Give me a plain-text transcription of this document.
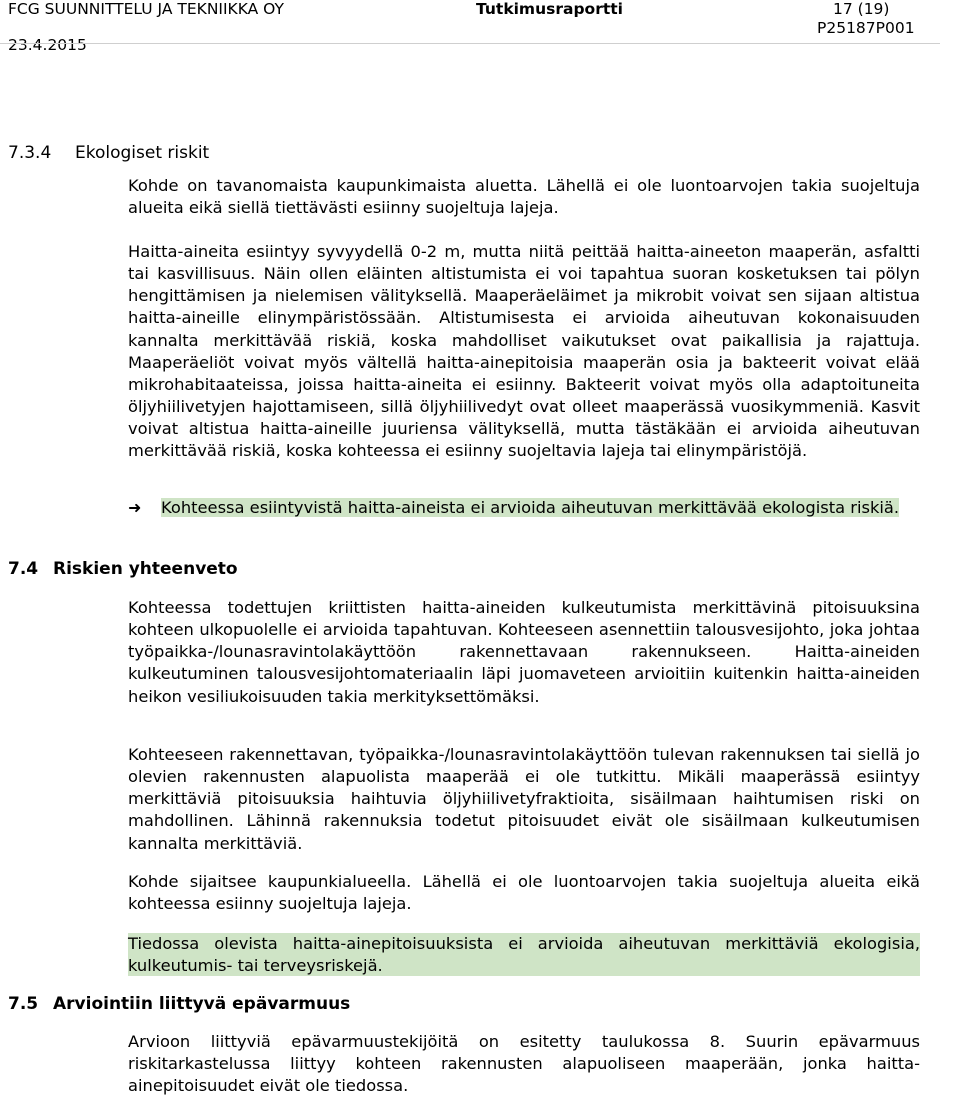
FCG SUUNNITTELU JA TEKNIIKKA OY	Tutkimusraportti	17 (19)
23.4.2015
P25187P001
7.3.4 Ekologiset riskit

Kohde on tavanomaista kaupunkimaista aluetta. Lähellä ei ole luontoarvojen takia suojeltuja alueita eikä siellä tiettävästi esiinny suojeltuja lajeja.

Haitta-aineita esiintyy syvyydellä 0-2 m, mutta niitä peittää haitta-aineeton maaperän, asfaltti tai kasvillisuus. Näin ollen eläinten altistumista ei voi tapahtua suoran kosketuksen tai pölyn hengittämisen ja nielemisen välityksellä. Maaperäeläimet ja mikrobit voivat sen sijaan altistua haitta-aineille elinympäristössään. Altistumisesta ei arvioida aiheutuvan kokonaisuuden kannalta merkittävää riskiä, koska mahdolliset vaikutukset ovat paikallisia ja rajattuja. Maaperäeliöt voivat myös vältellä haitta-ainepitoisia maaperän osia ja bakteerit voivat elää mikrohabitaateissa, joissa haitta-aineita ei esiinny. Bakteerit voivat myös olla adaptoituneita öljyhiilivetyjen hajottamiseen, sillä öljyhiilivedyt ovat olleet maaperässä vuosikymmeniä. Kasvit voivat altistua haitta-aineille juuriensa välityksellä, mutta tästäkään ei arvioida aiheutuvan merkittävää riskiä, koska kohteessa ei esiinny suojeltavia lajeja tai elinympäristöjä.

➜ Kohteessa esiintyvistä haitta-aineista ei arvioida aiheutuvan merkittävää ekologista riskiä.

7.4 Riskien yhteenveto

Kohteessa todettujen kriittisten haitta-aineiden kulkeutumista merkittävinä pitoisuuksina kohteen ulkopuolelle ei arvioida tapahtuvan. Kohteeseen asennettiin talousvesijohto, joka johtaa työpaikka-/lounasravintolakäyttöön rakennettavaan rakennukseen. Haitta-aineiden kulkeutuminen talousvesijohtomateriaalin läpi juomaveteen arvioitiin kuitenkin haitta-aineiden heikon vesiliukoisuuden takia merkityksettömäksi.

Kohteeseen rakennettavan, työpaikka-/lounasravintolakäyttöön tulevan rakennuksen tai siellä jo olevien rakennusten alapuolista maaperää ei ole tutkittu. Mikäli maaperässä esiintyy merkittäviä pitoisuuksia haihtuvia öljyhiilivetyfraktioita, sisäilmaan haihtumisen riski on mahdollinen. Lähinnä rakennuksia todetut pitoisuudet eivät ole sisäilmaan kulkeutumisen kannalta merkittäviä.

Kohde sijaitsee kaupunkialueella. Lähellä ei ole luontoarvojen takia suojeltuja alueita eikä kohteessa esiinny suojeltuja lajeja.

Tiedossa olevista haitta-ainepitoisuuksista ei arvioida aiheutuvan merkittäviä ekologisia, kulkeutumis- tai terveysriskejä.

7.5 Arviointiin liittyvä epävarmuus

Arvioon liittyviä epävarmuustekijöitä on esitetty taulukossa 8. Suurin epävarmuus riskitarkastelussa liittyy kohteen rakennusten alapuoliseen maaperään, jonka haitta-ainepitoisuudet eivät ole tiedossa.
